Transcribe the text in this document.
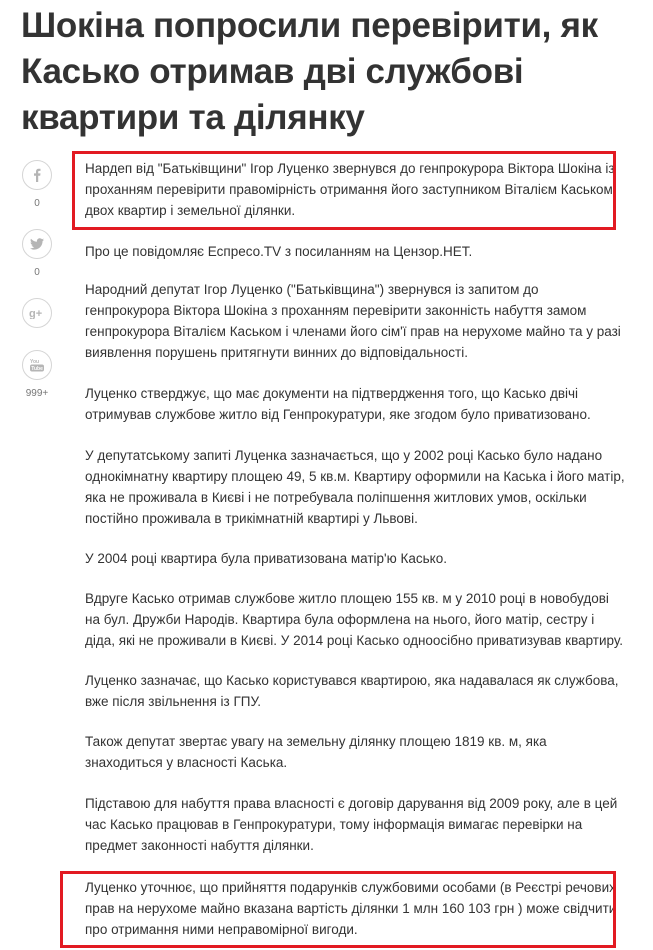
Шокіна попросили перевірити, як Касько отримав дві службові квартири та ділянку
0
0
g+
You
Tube
999+

Нардеп від "Батьківщини" Ігор Луценко звернувся до генпрокурора Віктора Шокіна із проханням перевірити правомірність отримання його заступником Віталієм Каськом двох квартир і земельної ділянки.

Про це повідомляє Еспресо.TV з посиланням на Цензор.НЕТ.

Народний депутат Ігор Луценко ("Батьківщина") звернувся із запитом до генпрокурора Віктора Шокіна з проханням перевірити законність набуття замом генпрокурора Віталієм Каськом і членами його сім'ї прав на нерухоме майно та у разі виявлення порушень притягнути винних до відповідальності.

Луценко стверджує, що має документи на підтвердження того, що Касько двічі отримував службове житло від Генпрокуратури, яке згодом було приватизовано.

У депутатському запиті Луценка зазначається, що у 2002 році Касько було надано однокімнатну квартиру площею 49, 5 кв.м. Квартиру оформили на Каська і його матір, яка не проживала в Києві і не потребувала поліпшення житлових умов, оскільки постійно проживала в трикімнатній квартирі у Львові.

У 2004 році квартира була приватизована матір'ю Касько.

Вдруге Касько отримав службове житло площею 155 кв. м у 2010 році в новобудові на бул. Дружби Народів. Квартира була оформлена на нього, його матір, сестру і діда, які не проживали в Києві. У 2014 році Касько одноосібно приватизував квартиру.

Луценко зазначає, що Касько користувався квартирою, яка надавалася як службова, вже після звільнення із ГПУ.

Також депутат звертає увагу на земельну ділянку площею 1819 кв. м, яка знаходиться у власності Каська.

Підставою для набуття права власності є договір дарування від 2009 року, але в цей час Касько працював в Генпрокуратури, тому інформація вимагає перевірки на предмет законності набуття ділянки.

Луценко уточнює, що прийняття подарунків службовими особами (в Реєстрі речових прав на нерухоме майно вказана вартість ділянки 1 млн 160 103 грн ) може свідчити про отримання ними неправомірної вигоди.
